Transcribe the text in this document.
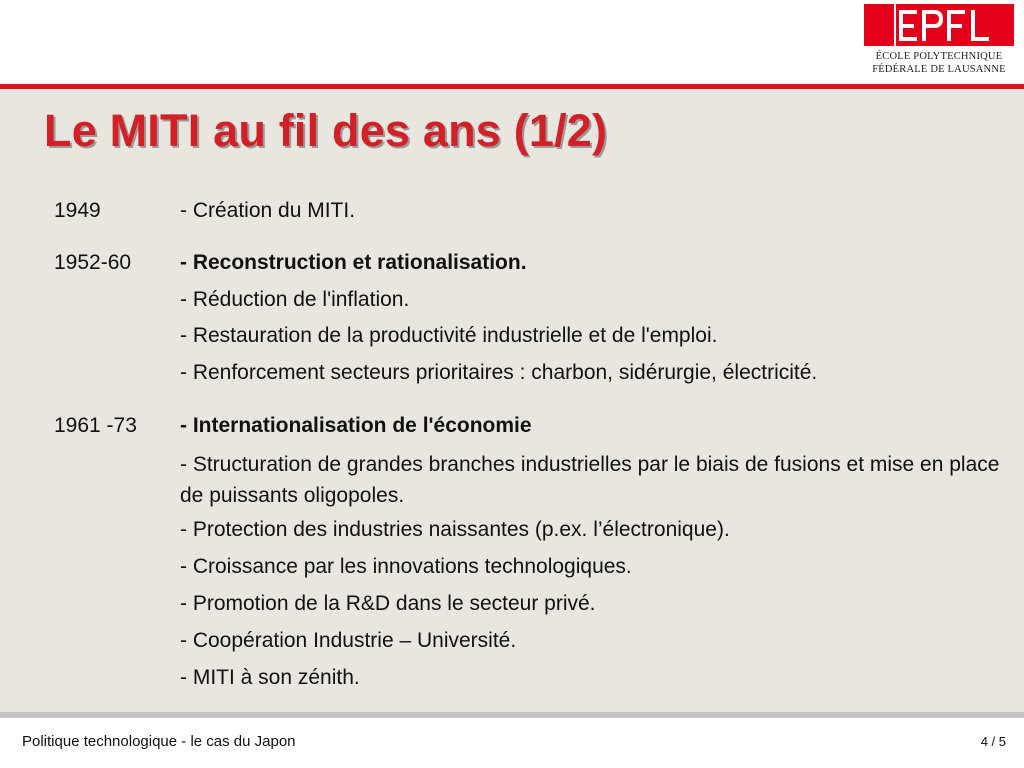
ÉCOLE POLYTECHNIQUE
FÉDÉRALE DE LAUSANNE
Le MITI au fil des ans (1/2)
1949	- Création du MITI.
1952-60 - Reconstruction et rationalisation.
- Réduction de l'inflation.
- Restauration de la productivité industrielle et de l'emploi.
- Renforcement secteurs prioritaires : charbon, sidérurgie, électricité.
1961 -73 - Internationalisation de l'économie
- Structuration de grandes branches industrielles par le biais de fusions et mise en place de puissants oligopoles.
- Protection des industries naissantes (p.ex. l’électronique).
- Croissance par les innovations technologiques.
- Promotion de la R&D dans le secteur privé.
- Coopération Industrie – Université.
- MITI à son zénith.
Politique technologique - le cas du Japon	4 / 5
